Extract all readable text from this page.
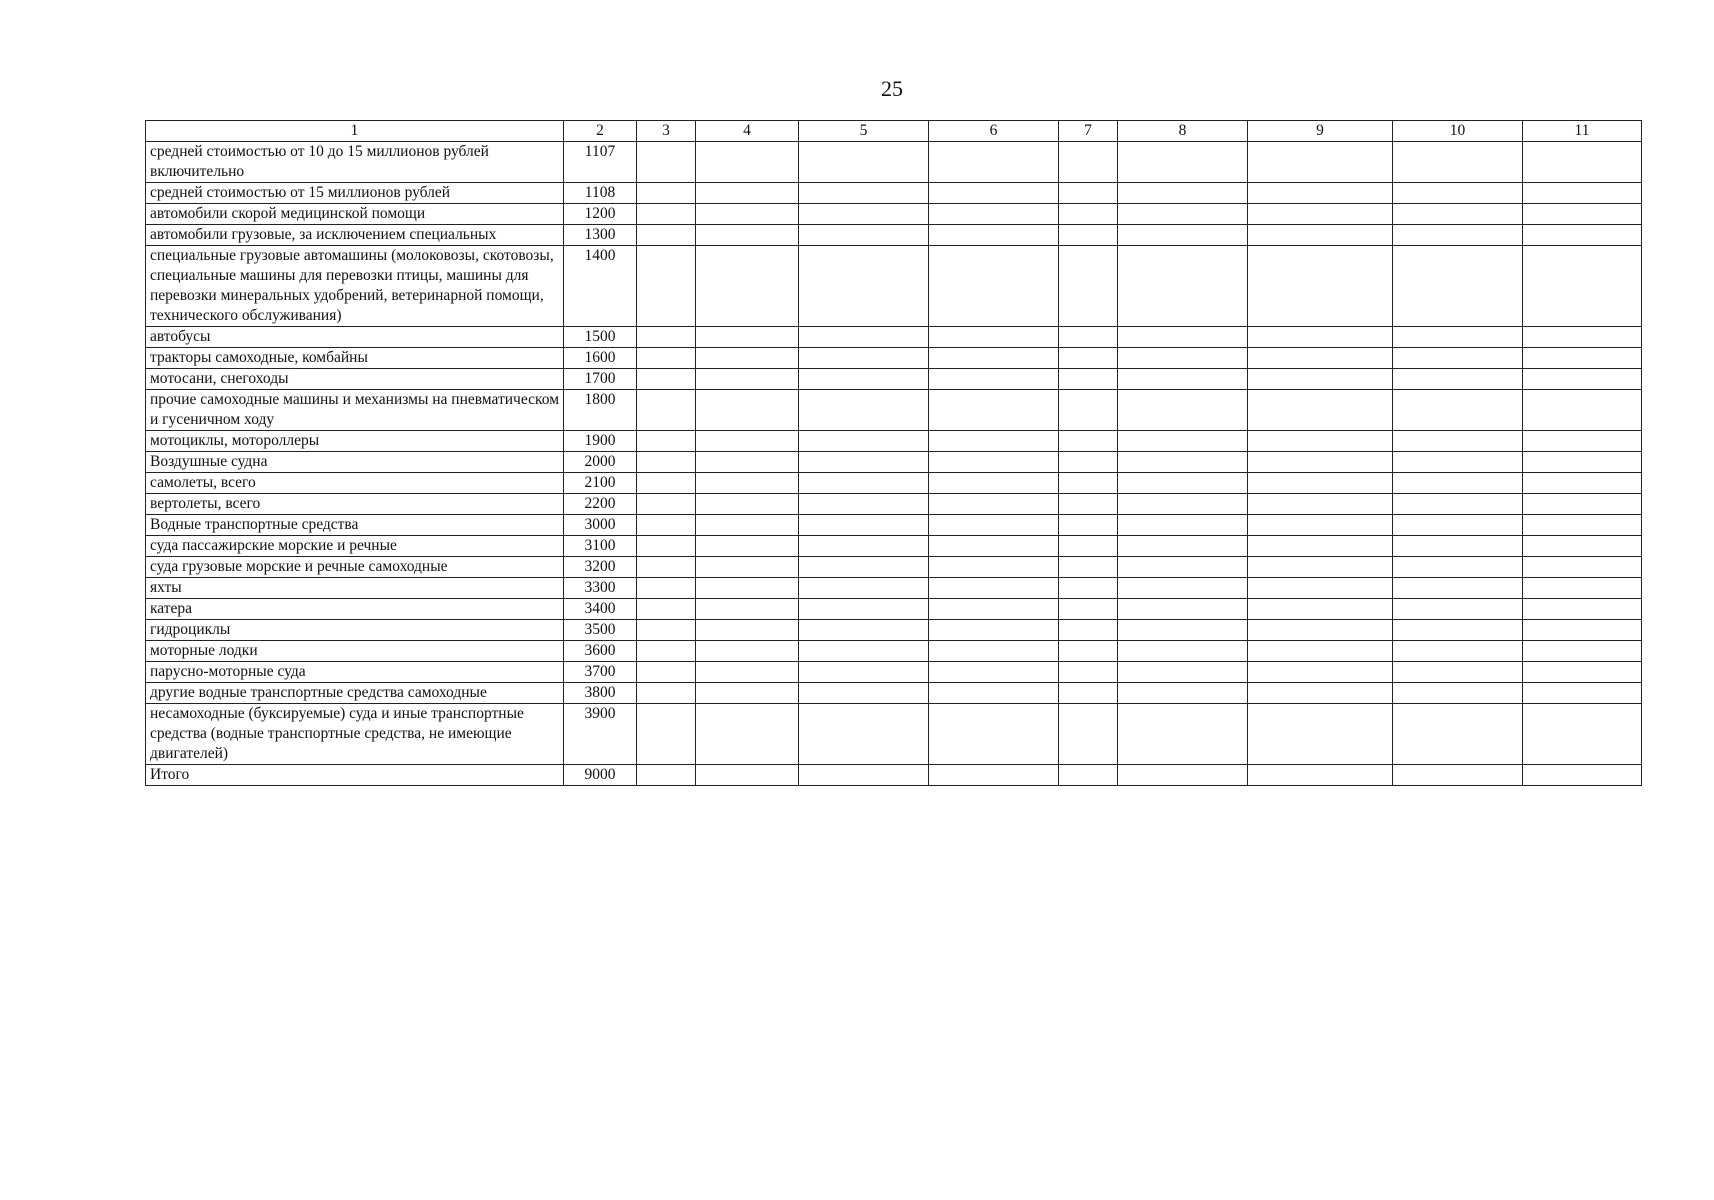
25
1	2	3	4	5	6	7	8	9	10	11
средней стоимостью от 10 до 15 миллионов рублей включительно	1107									
средней стоимостью от 15 миллионов рублей	1108									
автомобили скорой медицинской помощи	1200									
автомобили грузовые, за исключением специальных	1300									
специальные грузовые автомашины (молоковозы, скотовозы, специальные машины для перевозки птицы, машины для перевозки минеральных удобрений, ветеринарной помощи, технического обслуживания)	1400									
автобусы	1500									
тракторы самоходные, комбайны	1600									
мотосани, снегоходы	1700									
прочие самоходные машины и механизмы на пневматическом и гусеничном ходу	1800									
мотоциклы, мотороллеры	1900									
Воздушные судна	2000									
самолеты, всего	2100									
вертолеты, всего	2200									
Водные транспортные средства	3000									
суда пассажирские морские и речные	3100									
суда грузовые морские и речные самоходные	3200									
яхты	3300									
катера	3400									
гидроциклы	3500									
моторные лодки	3600									
парусно-моторные суда	3700									
другие водные транспортные средства самоходные	3800									
несамоходные (буксируемые) суда и иные транспортные средства (водные транспортные средства, не имеющие двигателей)	3900									
Итого	9000									
